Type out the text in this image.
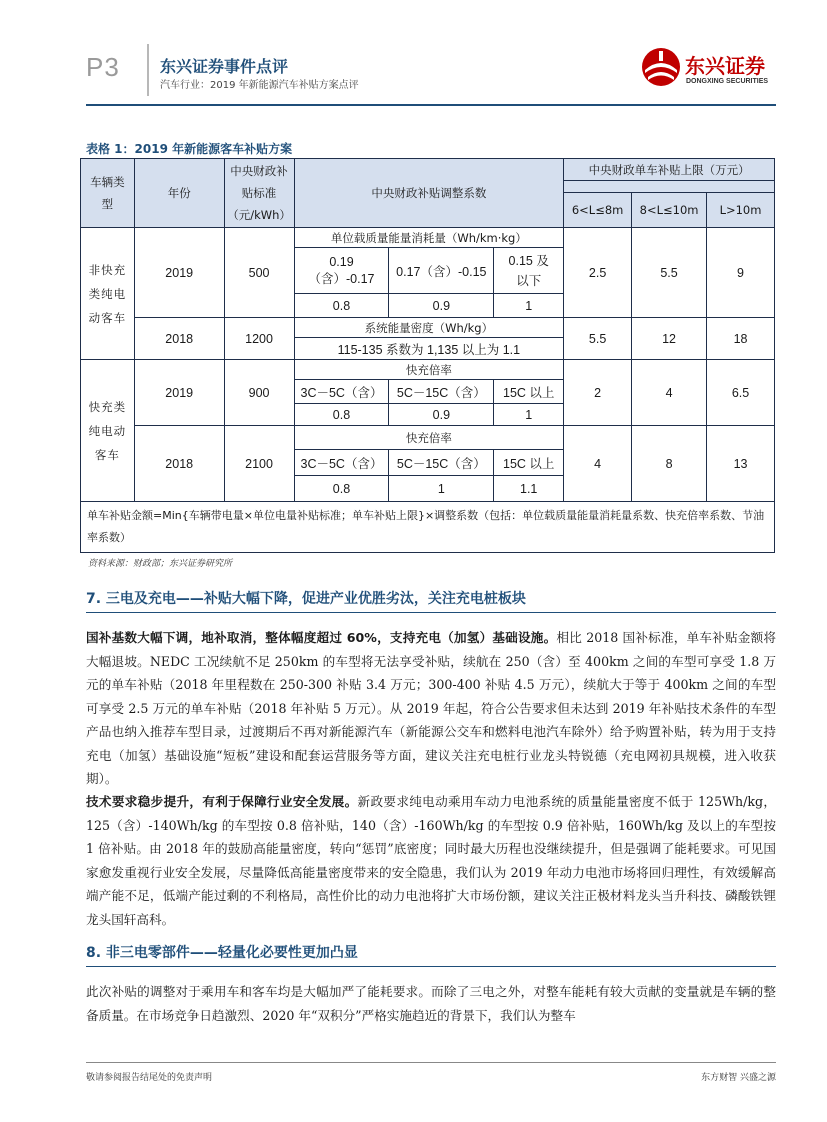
P3	东兴证券事件点评
汽车行业：2019 年新能源汽车补贴方案点评
东兴证券
DONGXING SECURITIES
表格 1：2019 年新能源客车补贴方案
车辆类型	年份	中央财政补贴标准（元/kWh）	中央财政补贴调整系数			中央财政单车补贴上限（万元）		

						6<L≤8m	8<L≤10m	L>10m
非快充类纯电动客车	2019	500	单位载质量能量消耗量（Wh/km·kg）			2.5	5.5	9
			0.19（含）-0.17	0.17（含）-0.15	0.15 及以下			
			0.8	0.9	1			
	2018	1200	系统能量密度（Wh/kg）			5.5	12	18
			115-135 系数为 1,135 以上为 1.1					

快充类纯电动客车	2019	900	快充倍率			2	4	6.5
			3C－5C（含）	5C－15C（含）	15C 以上			
			0.8	0.9	1			
	2018	2100	快充倍率			4	8	13
			3C－5C（含）	5C－15C（含）	15C 以上			
			0.8	1	1.1			
单车补贴金额=Min{车辆带电量×单位电量补贴标准；单车补贴上限}×调整系数（包括：单位载质量能量消耗量系数、快充倍率系数、节油率系数）								
资料来源：财政部；东兴证券研究所
7. 三电及充电——补贴大幅下降，促进产业优胜劣汰，关注充电桩板块
国补基数大幅下调，地补取消，整体幅度超过 60%，支持充电（加氢）基础设施。相比 2018 国补标准，单车补贴金额将大幅退坡。NEDC 工况续航不足 250km 的车型将无法享受补贴，续航在 250（含）至 400km 之间的车型可享受 1.8 万元的单车补贴（2018 年里程数在 250-300 补贴 3.4 万元；300-400 补贴 4.5 万元），续航大于等于 400km 之间的车型可享受 2.5 万元的单车补贴（2018 年补贴 5 万元）。从 2019 年起，符合公告要求但未达到 2019 年补贴技术条件的车型产品也纳入推荐车型目录，过渡期后不再对新能源汽车（新能源公交车和燃料电池汽车除外）给予购置补贴，转为用于支持充电（加氢）基础设施“短板”建设和配套运营服务等方面，建议关注充电桩行业龙头特锐德（充电网初具规模，进入收获期）。
技术要求稳步提升，有利于保障行业安全发展。新政要求纯电动乘用车动力电池系统的质量能量密度不低于 125Wh/kg，125（含）-140Wh/kg 的车型按 0.8 倍补贴，140（含）-160Wh/kg 的车型按 0.9 倍补贴，160Wh/kg 及以上的车型按 1 倍补贴。由 2018 年的鼓励高能量密度，转向“惩罚”底密度；同时最大历程也没继续提升，但是强调了能耗要求。可见国家愈发重视行业安全发展，尽量降低高能量密度带来的安全隐患，我们认为 2019 年动力电池市场将回归理性，有效缓解高端产能不足，低端产能过剩的不利格局，高性价比的动力电池将扩大市场份额，建议关注正极材料龙头当升科技、磷酸铁锂龙头国轩高科。
8. 非三电零部件——轻量化必要性更加凸显
此次补贴的调整对于乘用车和客车均是大幅加严了能耗要求。而除了三电之外，对整车能耗有较大贡献的变量就是车辆的整备质量。在市场竞争日趋激烈、2020 年“双积分”严格实施趋近的背景下，我们认为整车
敬请参阅报告结尾处的免责声明	东方财智 兴盛之源
